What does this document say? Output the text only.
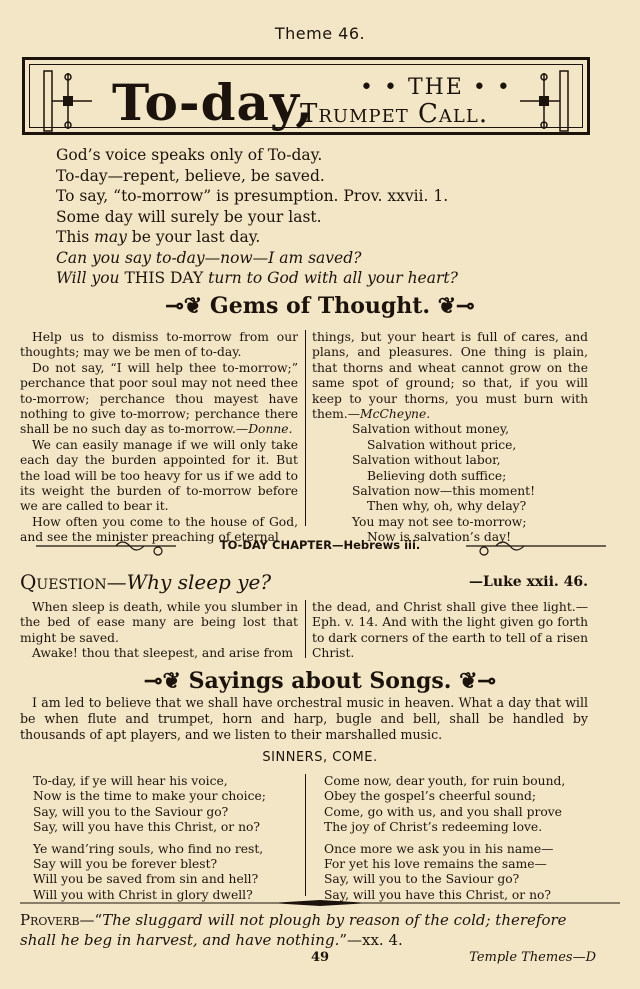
Theme 46.
To-day, • • THE • •
Trumpet Call.
God’s voice speaks only of To-day.
To-day—repent, believe, be saved.
To say, “to-morrow” is presumption. Prov. xxvii. 1.
Some day will surely be your last.
This may be your last day.
Can you say to-day—now—I am saved?
Will you THIS DAY turn to God with all your heart?
⊸❦ Gems of Thought. ❦⊸

Help us to dismiss to-morrow from our thoughts; may we be men of to-day.

Do not say, “I will help thee to-morrow;” perchance that poor soul may not need thee to-morrow; perchance thou mayest have nothing to give to-morrow; perchance there shall be no such day as to-morrow.—Donne.

We can easily manage if we will only take each day the burden appointed for it. But the load will be too heavy for us if we add to its weight the burden of to-morrow before we are called to bear it.

How often you come to the house of God, and see the minister preaching of eternal

things, but your heart is full of cares, and plans, and pleasures. One thing is plain, that thorns and wheat cannot grow on the same spot of ground; so that, if you will keep to your thorns, you must burn with them.—McCheyne.

Salvation without money,
Salvation without price,
Salvation without labor,
Believing doth suffice;
Salvation now—this moment!
Then why, oh, why delay?
You may not see to-morrow;
Now is salvation’s day!
TO-DAY CHAPTER—Hebrews iii.
Question—Why sleep ye?	—Luke xxii. 46.

When sleep is death, while you slumber in the bed of ease many are being lost that might be saved.

Awake! thou that sleepest, and arise from

the dead, and Christ shall give thee light.—Eph. v. 14. And with the light given go forth to dark corners of the earth to tell of a risen Christ.

⊸❦ Sayings about Songs. ❦⊸

I am led to believe that we shall have orchestral music in heaven. What a day that will be when flute and trumpet, horn and harp, bugle and bell, shall be handled by thousands of apt players, and we listen to their marshalled music.

SINNERS, COME.
To-day, if ye will hear his voice,
Now is the time to make your choice;
Say, will you to the Saviour go?
Say, will you have this Christ, or no?
Ye wand’ring souls, who find no rest,
Say will you be forever blest?
Will you be saved from sin and hell?
Will you with Christ in glory dwell?
Come now, dear youth, for ruin bound,
Obey the gospel’s cheerful sound;
Come, go with us, and you shall prove
The joy of Christ’s redeeming love.
Once more we ask you in his name—
For yet his love remains the same—
Say, will you to the Saviour go?
Say, will you have this Christ, or no?
Proverb—“The sluggard will not plough by reason of the cold; therefore shall he beg in harvest, and have nothing.”—xx. 4.
49	Temple Themes—D
